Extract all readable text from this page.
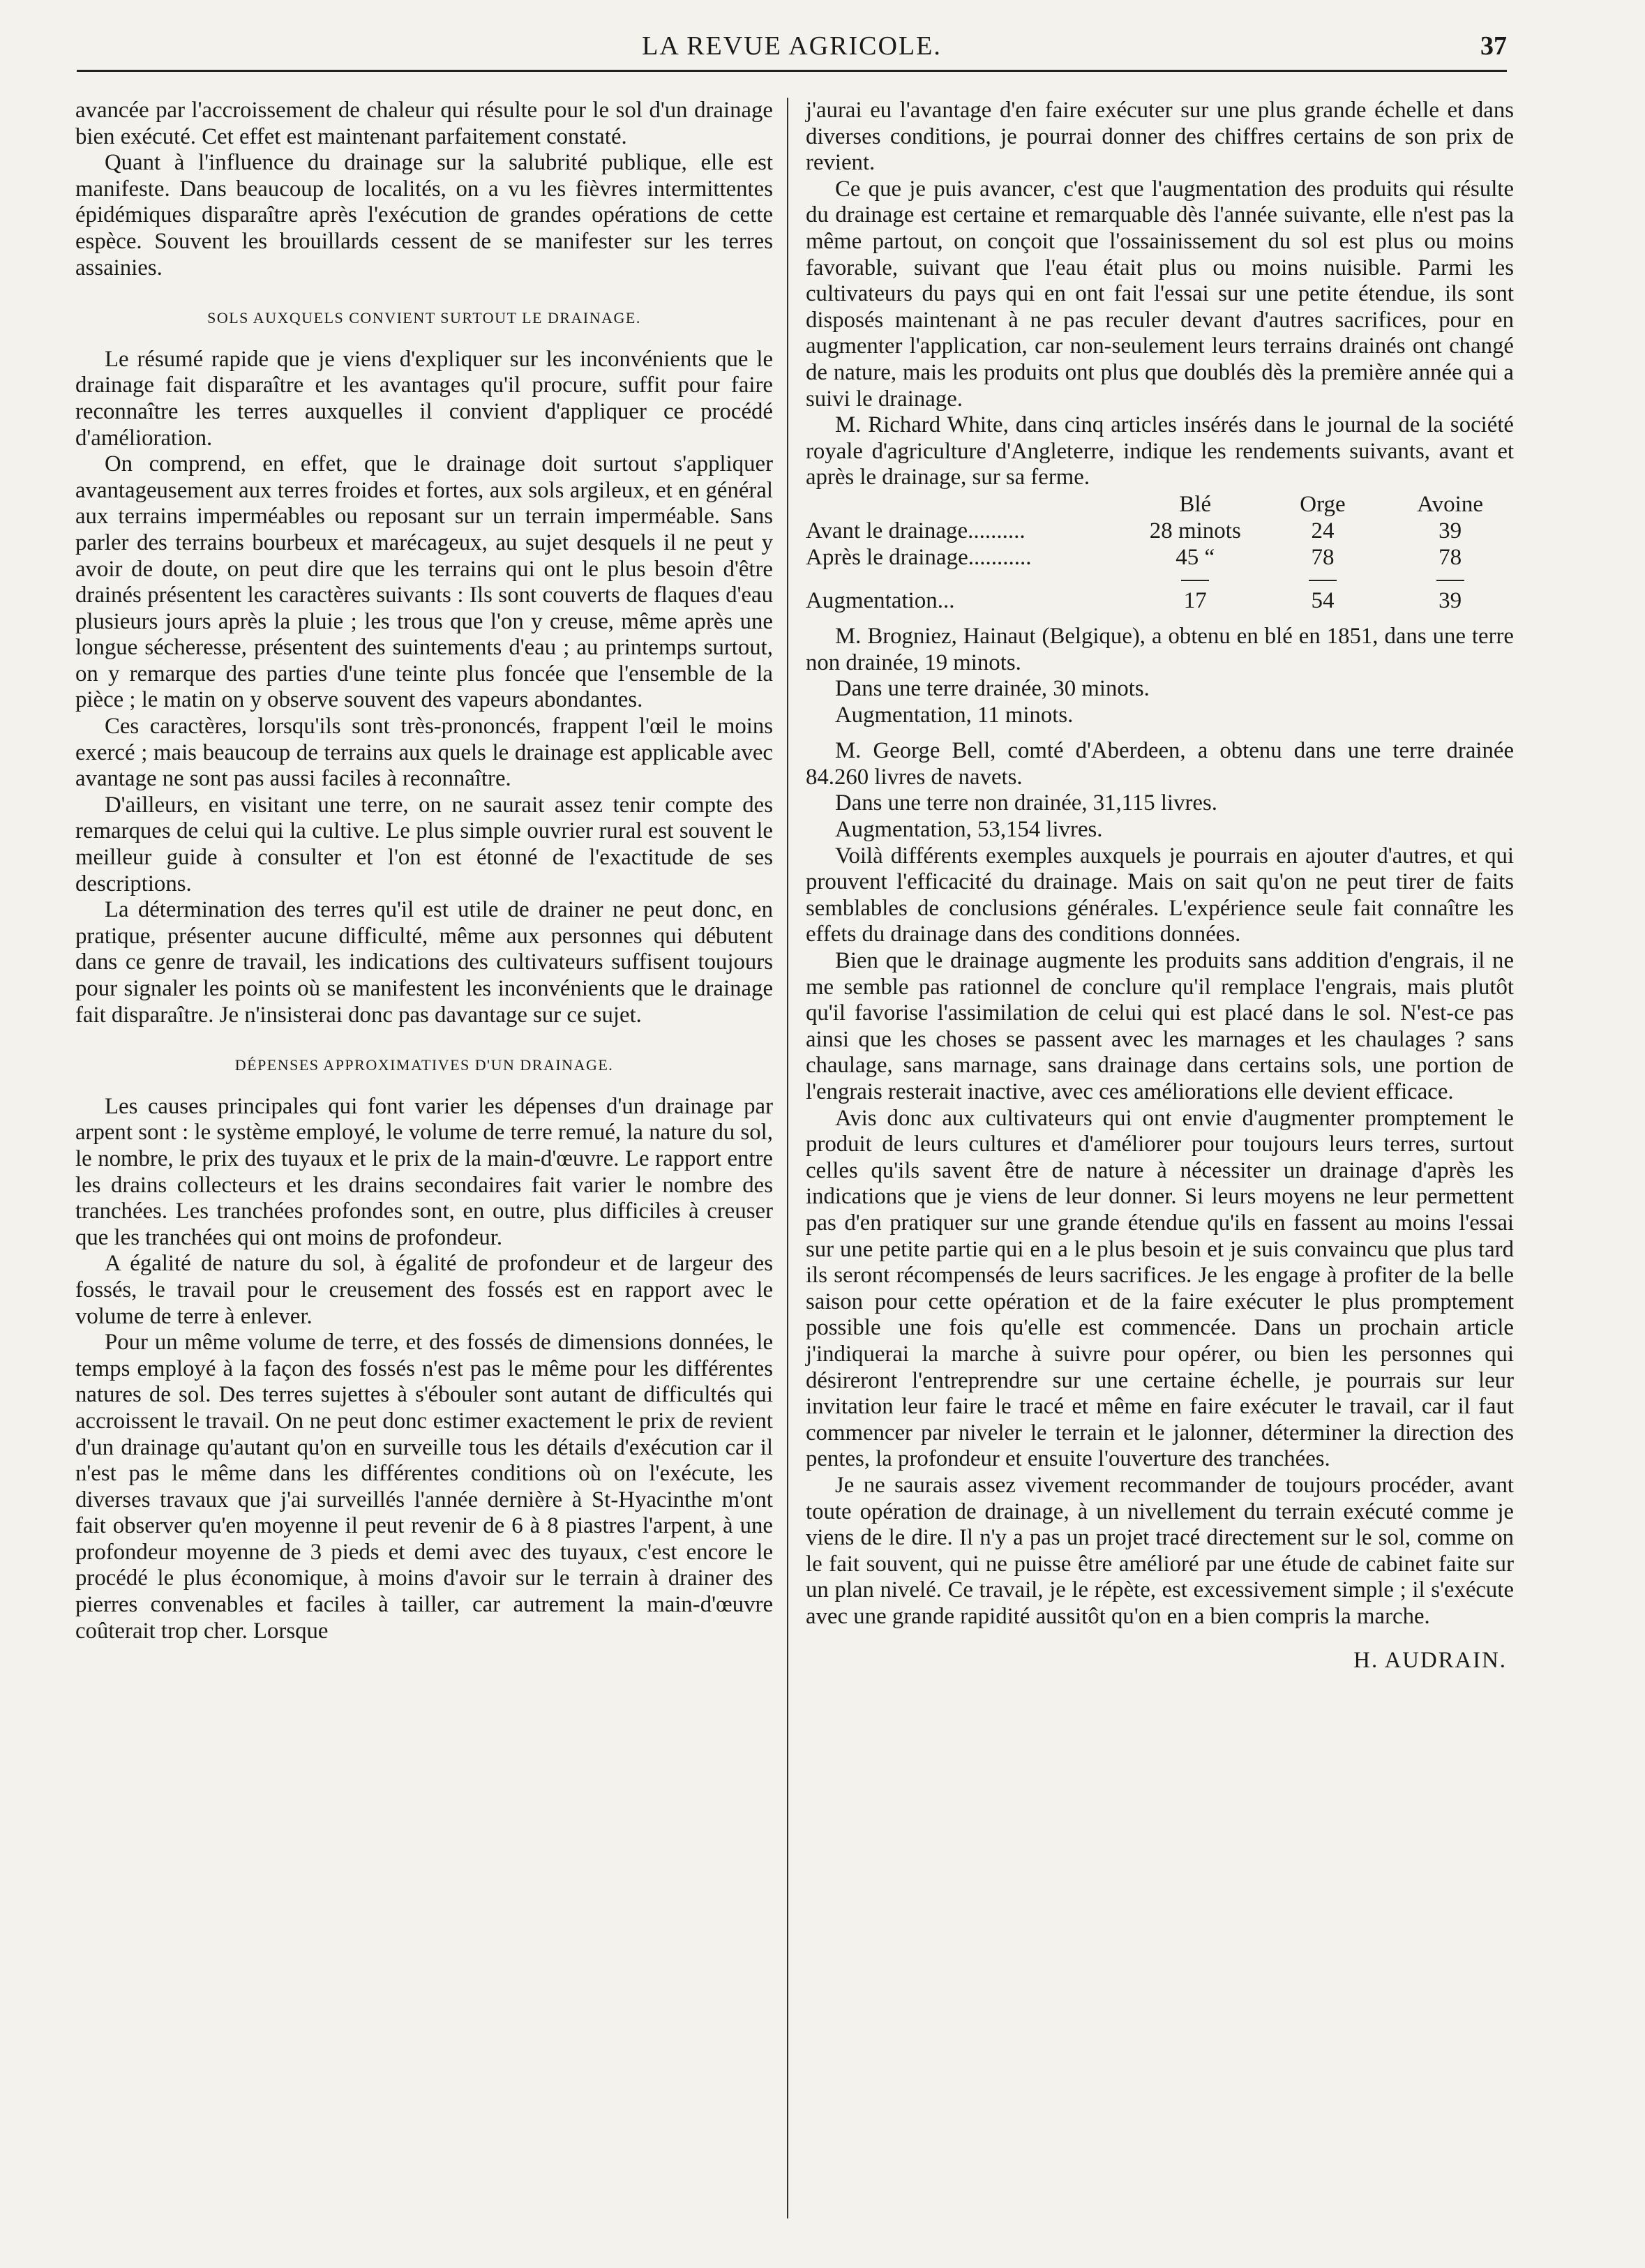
LA REVUE AGRICOLE.	37

avancée par l'accroissement de chaleur qui résulte pour le sol d'un drainage bien exécuté. Cet effet est maintenant parfaitement constaté.

Quant à l'influence du drainage sur la salubrité publique, elle est manifeste. Dans beaucoup de localités, on a vu les fièvres intermittentes épidémiques disparaître après l'exécution de grandes opérations de cette espèce. Souvent les brouillards cessent de se manifester sur les terres assainies.

SOLS AUXQUELS CONVIENT SURTOUT LE DRAINAGE.

Le résumé rapide que je viens d'expliquer sur les inconvénients que le drainage fait disparaître et les avantages qu'il procure, suffit pour faire reconnaître les terres auxquelles il convient d'appliquer ce procédé d'amélioration.

On comprend, en effet, que le drainage doit surtout s'appliquer avantageusement aux terres froides et fortes, aux sols argileux, et en général aux terrains imperméables ou reposant sur un terrain imperméable. Sans parler des terrains bourbeux et marécageux, au sujet desquels il ne peut y avoir de doute, on peut dire que les terrains qui ont le plus besoin d'être drainés présentent les caractères suivants : Ils sont couverts de flaques d'eau plusieurs jours après la pluie ; les trous que l'on y creuse, même après une longue sécheresse, présentent des suintements d'eau ; au printemps surtout, on y remarque des parties d'une teinte plus foncée que l'ensemble de la pièce ; le matin on y observe souvent des vapeurs abondantes.

Ces caractères, lorsqu'ils sont très-prononcés, frappent l'œil le moins exercé ; mais beaucoup de terrains aux quels le drainage est applicable avec avantage ne sont pas aussi faciles à reconnaître.

D'ailleurs, en visitant une terre, on ne saurait assez tenir compte des remarques de celui qui la cultive. Le plus simple ouvrier rural est souvent le meilleur guide à consulter et l'on est étonné de l'exactitude de ses descriptions.

La détermination des terres qu'il est utile de drainer ne peut donc, en pratique, présenter aucune difficulté, même aux personnes qui débutent dans ce genre de travail, les indications des cultivateurs suffisent toujours pour signaler les points où se manifestent les inconvénients que le drainage fait disparaître. Je n'insisterai donc pas davantage sur ce sujet.

DÉPENSES APPROXIMATIVES D'UN DRAINAGE.

Les causes principales qui font varier les dépenses d'un drainage par arpent sont : le système employé, le volume de terre remué, la nature du sol, le nombre, le prix des tuyaux et le prix de la main-d'œuvre. Le rapport entre les drains collecteurs et les drains secondaires fait varier le nombre des tranchées. Les tranchées profondes sont, en outre, plus difficiles à creuser que les tranchées qui ont moins de profondeur.

A égalité de nature du sol, à égalité de profondeur et de largeur des fossés, le travail pour le creusement des fossés est en rapport avec le volume de terre à enlever.

Pour un même volume de terre, et des fossés de dimensions données, le temps employé à la façon des fossés n'est pas le même pour les différentes natures de sol. Des terres sujettes à s'ébouler sont autant de difficultés qui accroissent le travail. On ne peut donc estimer exactement le prix de revient d'un drainage qu'autant qu'on en surveille tous les détails d'exécution car il n'est pas le même dans les différentes conditions où on l'exécute, les diverses travaux que j'ai surveillés l'année dernière à St-Hyacinthe m'ont fait observer qu'en moyenne il peut revenir de 6 à 8 piastres l'arpent, à une profondeur moyenne de 3 pieds et demi avec des tuyaux, c'est encore le procédé le plus économique, à moins d'avoir sur le terrain à drainer des pierres convenables et faciles à tailler, car autrement la main-d'œuvre coûterait trop cher. Lorsque

j'aurai eu l'avantage d'en faire exécuter sur une plus grande échelle et dans diverses conditions, je pourrai donner des chiffres certains de son prix de revient.

Ce que je puis avancer, c'est que l'augmentation des produits qui résulte du drainage est certaine et remarquable dès l'année suivante, elle n'est pas la même partout, on conçoit que l'ossainissement du sol est plus ou moins favorable, suivant que l'eau était plus ou moins nuisible. Parmi les cultivateurs du pays qui en ont fait l'essai sur une petite étendue, ils sont disposés maintenant à ne pas reculer devant d'autres sacrifices, pour en augmenter l'application, car non-seulement leurs terrains drainés ont changé de nature, mais les produits ont plus que doublés dès la première année qui a suivi le drainage.

M. Richard White, dans cinq articles insérés dans le journal de la société royale d'agriculture d'Angleterre, indique les rendements suivants, avant et après le drainage, sur sa ferme.

	Blé	Orge	Avoine
Avant le drainage..........	28 minots	24	39
Après le drainage...........	45 “	78	78

Augmentation...	17	54	39

M. Brogniez, Hainaut (Belgique), a obtenu en blé en 1851, dans une terre non drainée, 19 minots.

Dans une terre drainée, 30 minots.

Augmentation, 11 minots.

M. George Bell, comté d'Aberdeen, a obtenu dans une terre drainée 84.260 livres de navets.

Dans une terre non drainée, 31,115 livres.

Augmentation, 53,154 livres.

Voilà différents exemples auxquels je pourrais en ajouter d'autres, et qui prouvent l'efficacité du drainage. Mais on sait qu'on ne peut tirer de faits semblables de conclusions générales. L'expérience seule fait connaître les effets du drainage dans des conditions données.

Bien que le drainage augmente les produits sans addition d'engrais, il ne me semble pas rationnel de conclure qu'il remplace l'engrais, mais plutôt qu'il favorise l'assimilation de celui qui est placé dans le sol. N'est-ce pas ainsi que les choses se passent avec les marnages et les chaulages ? sans chaulage, sans marnage, sans drainage dans certains sols, une portion de l'engrais resterait inactive, avec ces améliorations elle devient efficace.

Avis donc aux cultivateurs qui ont envie d'augmenter promptement le produit de leurs cultures et d'améliorer pour toujours leurs terres, surtout celles qu'ils savent être de nature à nécessiter un drainage d'après les indications que je viens de leur donner. Si leurs moyens ne leur permettent pas d'en pratiquer sur une grande étendue qu'ils en fassent au moins l'essai sur une petite partie qui en a le plus besoin et je suis convaincu que plus tard ils seront récompensés de leurs sacrifices. Je les engage à profiter de la belle saison pour cette opération et de la faire exécuter le plus promptement possible une fois qu'elle est commencée. Dans un prochain article j'indiquerai la marche à suivre pour opérer, ou bien les personnes qui désireront l'entreprendre sur une certaine échelle, je pourrais sur leur invitation leur faire le tracé et même en faire exécuter le travail, car il faut commencer par niveler le terrain et le jalonner, déterminer la direction des pentes, la profondeur et ensuite l'ouverture des tranchées.

Je ne saurais assez vivement recommander de toujours procéder, avant toute opération de drainage, à un nivellement du terrain exécuté comme je viens de le dire. Il n'y a pas un projet tracé directement sur le sol, comme on le fait souvent, qui ne puisse être amélioré par une étude de cabinet faite sur un plan nivelé. Ce travail, je le répète, est excessivement simple ; il s'exécute avec une grande rapidité aussitôt qu'on en a bien compris la marche.

H. AUDRAIN.
